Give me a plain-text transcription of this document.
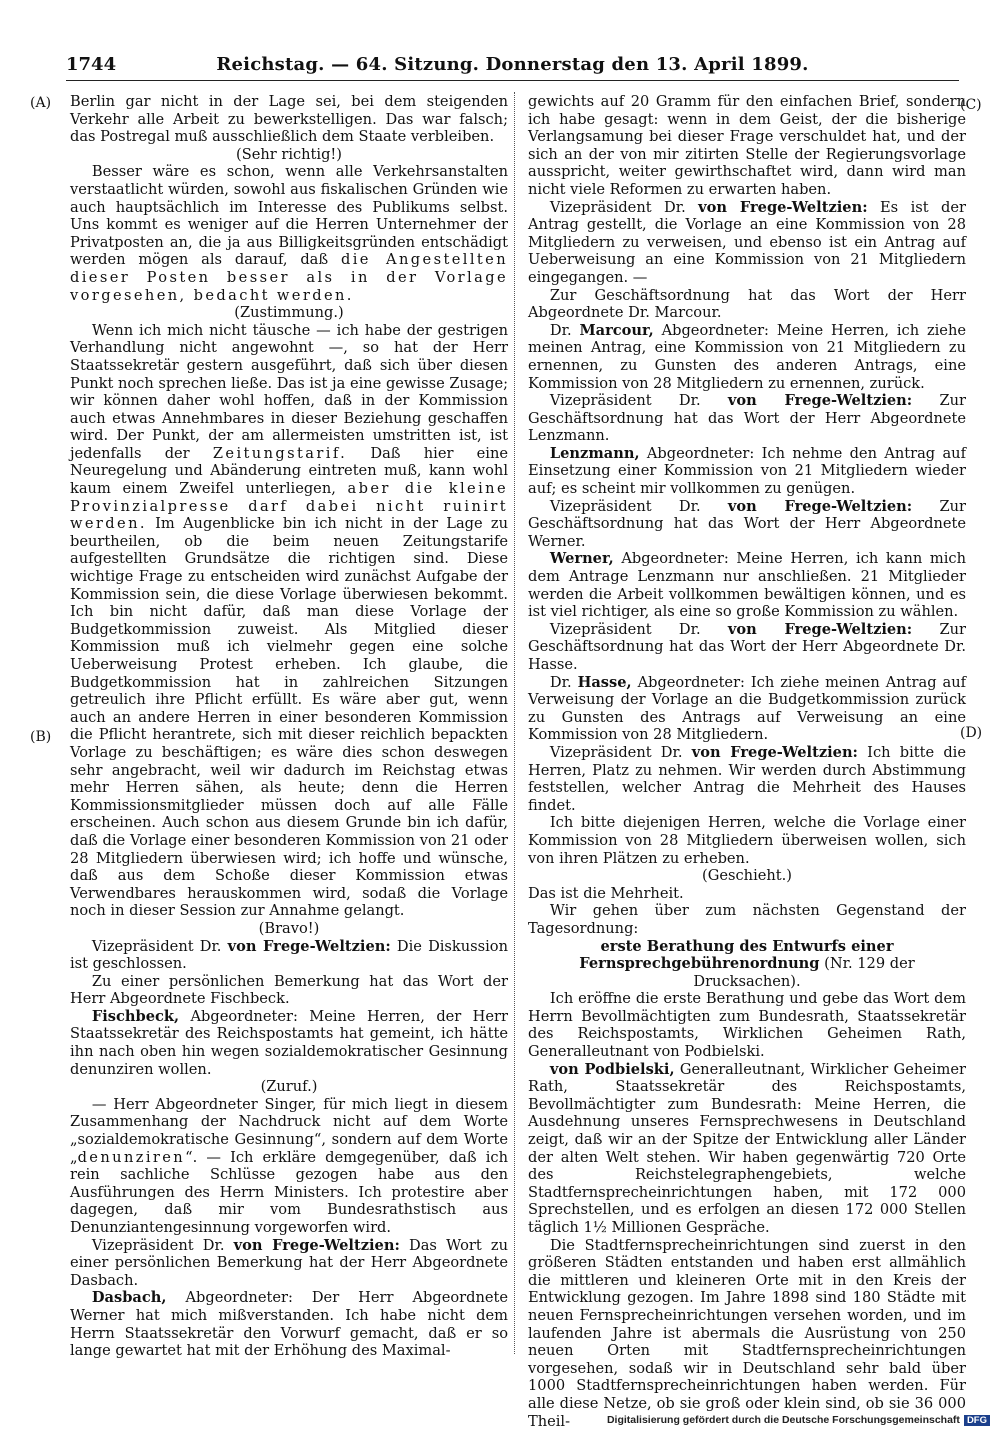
1744	Reichstag. — 64. Sitzung. Donnerstag den 13. April 1899.
(A)
(B)
(C)
(D)

Berlin gar nicht in der Lage sei, bei dem steigenden Verkehr alle Arbeit zu bewerkstelligen. Das war falsch; das Postregal muß ausschließlich dem Staate verbleiben.

(Sehr richtig!)

Besser wäre es schon, wenn alle Verkehrsanstalten verstaatlicht würden, sowohl aus fiskalischen Gründen wie auch hauptsächlich im Interesse des Publikums selbst. Uns kommt es weniger auf die Herren Unternehmer der Privatposten an, die ja aus Billigkeitsgründen entschädigt werden mögen als darauf, daß die Angestellten dieser Posten besser als in der Vorlage vorgesehen, bedacht werden.

(Zustimmung.)

Wenn ich mich nicht täusche — ich habe der gestrigen Verhandlung nicht angewohnt —, so hat der Herr Staatssekretär gestern ausgeführt, daß sich über diesen Punkt noch sprechen ließe. Das ist ja eine gewisse Zusage; wir können daher wohl hoffen, daß in der Kommission auch etwas Annehmbares in dieser Beziehung geschaffen wird. Der Punkt, der am allermeisten umstritten ist, ist jedenfalls der Zeitungstarif. Daß hier eine Neuregelung und Abänderung eintreten muß, kann wohl kaum einem Zweifel unterliegen, aber die kleine Provinzialpresse darf dabei nicht ruinirt werden. Im Augenblicke bin ich nicht in der Lage zu beurtheilen, ob die beim neuen Zeitungstarife aufgestellten Grundsätze die richtigen sind. Diese wichtige Frage zu entscheiden wird zunächst Aufgabe der Kommission sein, die diese Vorlage überwiesen bekommt. Ich bin nicht dafür, daß man diese Vorlage der Budgetkommission zuweist. Als Mitglied dieser Kommission muß ich vielmehr gegen eine solche Ueberweisung Protest erheben. Ich glaube, die Budgetkommission hat in zahlreichen Sitzungen getreulich ihre Pflicht erfüllt. Es wäre aber gut, wenn auch an andere Herren in einer besonderen Kommission die Pflicht herantrete, sich mit dieser reichlich bepackten Vorlage zu beschäftigen; es wäre dies schon deswegen sehr angebracht, weil wir dadurch im Reichstag etwas mehr Herren sähen, als heute; denn die Herren Kommissionsmitglieder müssen doch auf alle Fälle erscheinen. Auch schon aus diesem Grunde bin ich dafür, daß die Vorlage einer besonderen Kommission von 21 oder 28 Mitgliedern überwiesen wird; ich hoffe und wünsche, daß aus dem Schoße dieser Kommission etwas Verwendbares herauskommen wird, sodaß die Vorlage noch in dieser Session zur Annahme gelangt.

(Bravo!)

Vizepräsident Dr. von Frege-Weltzien: Die Diskussion ist geschlossen.

Zu einer persönlichen Bemerkung hat das Wort der Herr Abgeordnete Fischbeck.

Fischbeck, Abgeordneter: Meine Herren, der Herr Staatssekretär des Reichspostamts hat gemeint, ich hätte ihn nach oben hin wegen sozialdemokratischer Gesinnung denunziren wollen.

(Zuruf.)

— Herr Abgeordneter Singer, für mich liegt in diesem Zusammenhang der Nachdruck nicht auf dem Worte „sozialdemokratische Gesinnung“, sondern auf dem Worte „denunziren“. — Ich erkläre demgegenüber, daß ich rein sachliche Schlüsse gezogen habe aus den Ausführungen des Herrn Ministers. Ich protestire aber dagegen, daß mir vom Bundesrathstisch aus Denunziantengesinnung vorgeworfen wird.

Vizepräsident Dr. von Frege-Weltzien: Das Wort zu einer persönlichen Bemerkung hat der Herr Abgeordnete Dasbach.

Dasbach, Abgeordneter: Der Herr Abgeordnete Werner hat mich mißverstanden. Ich habe nicht dem Herrn Staatssekretär den Vorwurf gemacht, daß er so lange gewartet hat mit der Erhöhung des Maximal-

gewichts auf 20 Gramm für den einfachen Brief, sondern ich habe gesagt: wenn in dem Geist, der die bisherige Verlangsamung bei dieser Frage verschuldet hat, und der sich an der von mir zitirten Stelle der Regierungsvorlage ausspricht, weiter gewirthschaftet wird, dann wird man nicht viele Reformen zu erwarten haben.

Vizepräsident Dr. von Frege-Weltzien: Es ist der Antrag gestellt, die Vorlage an eine Kommission von 28 Mitgliedern zu verweisen, und ebenso ist ein Antrag auf Ueberweisung an eine Kommission von 21 Mitgliedern eingegangen. —

Zur Geschäftsordnung hat das Wort der Herr Abgeordnete Dr. Marcour.

Dr. Marcour, Abgeordneter: Meine Herren, ich ziehe meinen Antrag, eine Kommission von 21 Mitgliedern zu ernennen, zu Gunsten des anderen Antrags, eine Kommission von 28 Mitgliedern zu ernennen, zurück.

Vizepräsident Dr. von Frege-Weltzien: Zur Geschäftsordnung hat das Wort der Herr Abgeordnete Lenzmann.

Lenzmann, Abgeordneter: Ich nehme den Antrag auf Einsetzung einer Kommission von 21 Mitgliedern wieder auf; es scheint mir vollkommen zu genügen.

Vizepräsident Dr. von Frege-Weltzien: Zur Geschäftsordnung hat das Wort der Herr Abgeordnete Werner.

Werner, Abgeordneter: Meine Herren, ich kann mich dem Antrage Lenzmann nur anschließen. 21 Mitglieder werden die Arbeit vollkommen bewältigen können, und es ist viel richtiger, als eine so große Kommission zu wählen.

Vizepräsident Dr. von Frege-Weltzien: Zur Geschäftsordnung hat das Wort der Herr Abgeordnete Dr. Hasse.

Dr. Hasse, Abgeordneter: Ich ziehe meinen Antrag auf Verweisung der Vorlage an die Budgetkommission zurück zu Gunsten des Antrags auf Verweisung an eine Kommission von 28 Mitgliedern.

Vizepräsident Dr. von Frege-Weltzien: Ich bitte die Herren, Platz zu nehmen. Wir werden durch Abstimmung feststellen, welcher Antrag die Mehrheit des Hauses findet.

Ich bitte diejenigen Herren, welche die Vorlage einer Kommission von 28 Mitgliedern überweisen wollen, sich von ihren Plätzen zu erheben.

(Geschieht.)

Das ist die Mehrheit.

Wir gehen über zum nächsten Gegenstand der Tagesordnung:

erste Berathung des Entwurfs einer Fernsprechgebührenordnung (Nr. 129 der Drucksachen).

Ich eröffne die erste Berathung und gebe das Wort dem Herrn Bevollmächtigten zum Bundesrath, Staatssekretär des Reichspostamts, Wirklichen Geheimen Rath, Generalleutnant von Podbielski.

von Podbielski, Generalleutnant, Wirklicher Geheimer Rath, Staatssekretär des Reichspostamts, Bevollmächtigter zum Bundesrath: Meine Herren, die Ausdehnung unseres Fernsprechwesens in Deutschland zeigt, daß wir an der Spitze der Entwicklung aller Länder der alten Welt stehen. Wir haben gegenwärtig 720 Orte des Reichstelegraphengebiets, welche Stadtfernsprecheinrichtungen haben, mit 172 000 Sprechstellen, und es erfolgen an diesen 172 000 Stellen täglich 1½ Millionen Gespräche.

Die Stadtfernsprecheinrichtungen sind zuerst in den größeren Städten entstanden und haben erst allmählich die mittleren und kleineren Orte mit in den Kreis der Entwicklung gezogen. Im Jahre 1898 sind 180 Städte mit neuen Fernsprecheinrichtungen versehen worden, und im laufenden Jahre ist abermals die Ausrüstung von 250 neuen Orten mit Stadtfernsprecheinrichtungen vorgesehen, sodaß wir in Deutschland sehr bald über 1000 Stadtfernsprecheinrichtungen haben werden. Für alle diese Netze, ob sie groß oder klein sind, ob sie 36 000 Theil-	Digitalisierung gefördert durch die Deutsche Forschungsgemeinschaft DFG
